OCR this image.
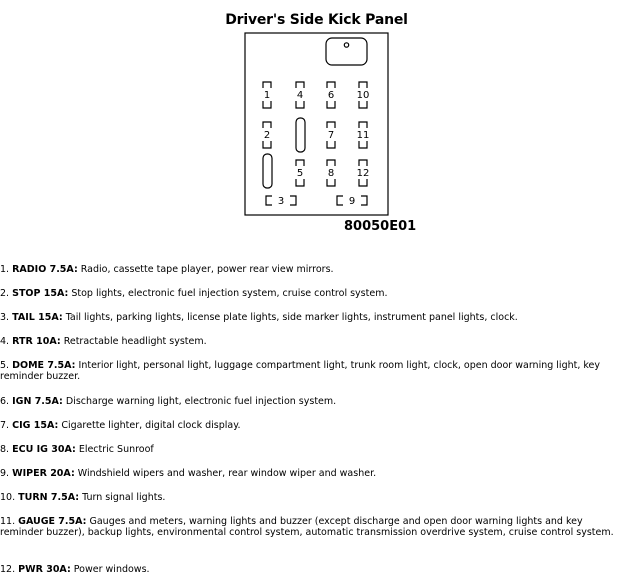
Driver's Side Kick Panel
1
2
3
4
5
6
7
8
9
10
11
12
80050E01
1. RADIO 7.5A: Radio, cassette tape player, power rear view mirrors.
2. STOP 15A: Stop lights, electronic fuel injection system, cruise control system.
3. TAIL 15A: Tail lights, parking lights, license plate lights, side marker lights, instrument panel lights, clock.
4. RTR 10A: Retractable headlight system.
5. DOME 7.5A: Interior light, personal light, luggage compartment light, trunk room light, clock, open door warning light, key reminder buzzer.
6. IGN 7.5A: Discharge warning light, electronic fuel injection system.
7. CIG 15A: Cigarette lighter, digital clock display.
8. ECU IG 30A: Electric Sunroof
9. WIPER 20A: Windshield wipers and washer, rear window wiper and washer.
10. TURN 7.5A: Turn signal lights.
11. GAUGE 7.5A: Gauges and meters, warning lights and buzzer (except discharge and open door warning lights and key reminder buzzer), backup lights, environmental control system, automatic transmission overdrive system, cruise control system.
12. PWR 30A: Power windows.
